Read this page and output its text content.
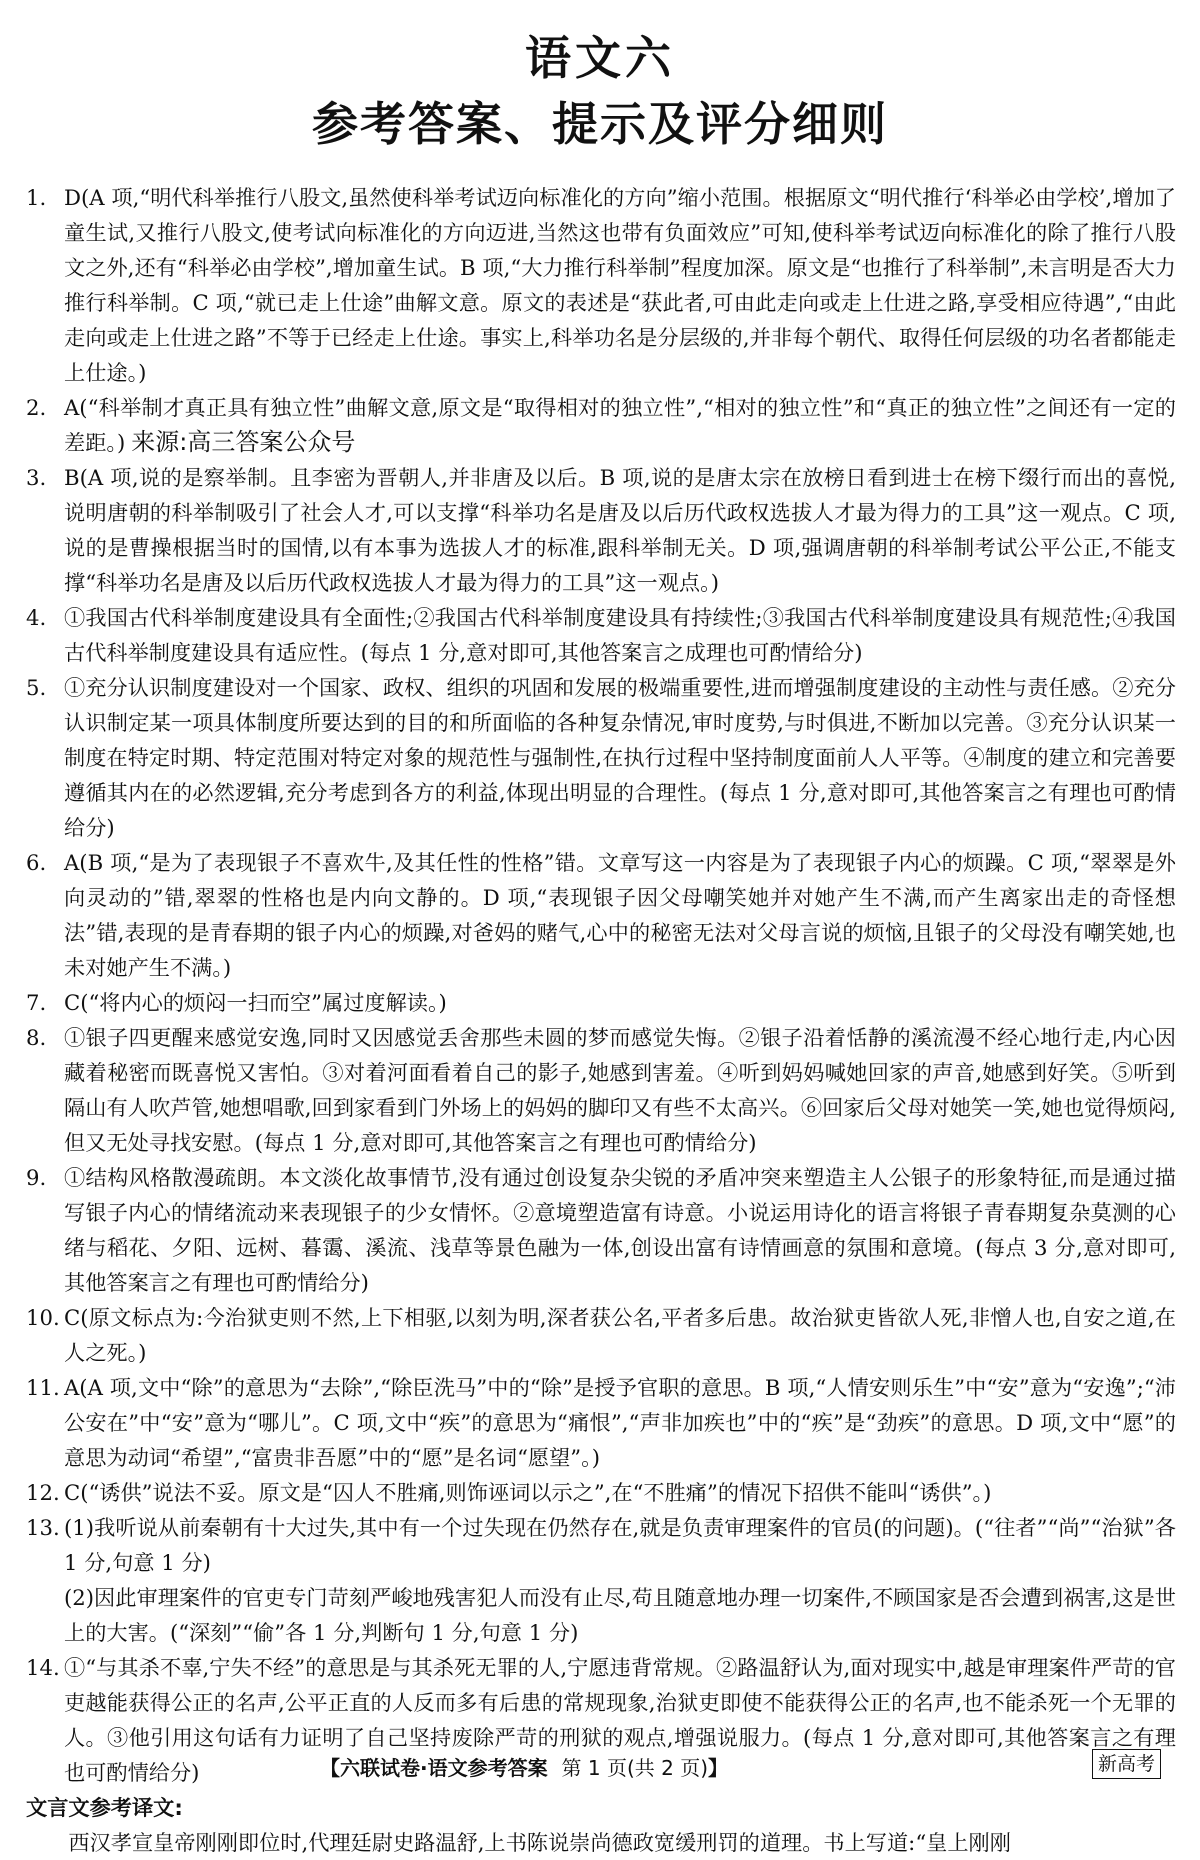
语文六
参考答案、提示及评分细则
1. D(A 项,“明代科举推行八股文,虽然使科举考试迈向标准化的方向”缩小范围。根据原文“明代推行‘科举必由学校’,增加了童生试,又推行八股文,使考试向标准化的方向迈进,当然这也带有负面效应”可知,使科举考试迈向标准化的除了推行八股文之外,还有“科举必由学校”,增加童生试。B 项,“大力推行科举制”程度加深。原文是“也推行了科举制”,未言明是否大力推行科举制。C 项,“就已走上仕途”曲解文意。原文的表述是“获此者,可由此走向或走上仕进之路,享受相应待遇”,“由此走向或走上仕进之路”不等于已经走上仕途。事实上,科举功名是分层级的,并非每个朝代、取得任何层级的功名者都能走上仕途。)

2. A(“科举制才真正具有独立性”曲解文意,原文是“取得相对的独立性”,“相对的独立性”和“真正的独立性”之间还有一定的差距。) 来源:高三答案公众号

3. B(A 项,说的是察举制。且李密为晋朝人,并非唐及以后。B 项,说的是唐太宗在放榜日看到进士在榜下缀行而出的喜悦,说明唐朝的科举制吸引了社会人才,可以支撑“科举功名是唐及以后历代政权选拔人才最为得力的工具”这一观点。C 项,说的是曹操根据当时的国情,以有本事为选拔人才的标准,跟科举制无关。D 项,强调唐朝的科举制考试公平公正,不能支撑“科举功名是唐及以后历代政权选拔人才最为得力的工具”这一观点。)

4. ①我国古代科举制度建设具有全面性;②我国古代科举制度建设具有持续性;③我国古代科举制度建设具有规范性;④我国古代科举制度建设具有适应性。(每点 1 分,意对即可,其他答案言之成理也可酌情给分)

5. ①充分认识制度建设对一个国家、政权、组织的巩固和发展的极端重要性,进而增强制度建设的主动性与责任感。②充分认识制定某一项具体制度所要达到的目的和所面临的各种复杂情况,审时度势,与时俱进,不断加以完善。③充分认识某一制度在特定时期、特定范围对特定对象的规范性与强制性,在执行过程中坚持制度面前人人平等。④制度的建立和完善要遵循其内在的必然逻辑,充分考虑到各方的利益,体现出明显的合理性。(每点 1 分,意对即可,其他答案言之有理也可酌情给分)

6. A(B 项,“是为了表现银子不喜欢牛,及其任性的性格”错。文章写这一内容是为了表现银子内心的烦躁。C 项,“翠翠是外向灵动的”错,翠翠的性格也是内向文静的。D 项,“表现银子因父母嘲笑她并对她产生不满,而产生离家出走的奇怪想法”错,表现的是青春期的银子内心的烦躁,对爸妈的赌气,心中的秘密无法对父母言说的烦恼,且银子的父母没有嘲笑她,也未对她产生不满。)

7. C(“将内心的烦闷一扫而空”属过度解读。)

8. ①银子四更醒来感觉安逸,同时又因感觉丢舍那些未圆的梦而感觉失悔。②银子沿着恬静的溪流漫不经心地行走,内心因藏着秘密而既喜悦又害怕。③对着河面看着自己的影子,她感到害羞。④听到妈妈喊她回家的声音,她感到好笑。⑤听到隔山有人吹芦管,她想唱歌,回到家看到门外场上的妈妈的脚印又有些不太高兴。⑥回家后父母对她笑一笑,她也觉得烦闷,但又无处寻找安慰。(每点 1 分,意对即可,其他答案言之有理也可酌情给分)

9. ①结构风格散漫疏朗。本文淡化故事情节,没有通过创设复杂尖锐的矛盾冲突来塑造主人公银子的形象特征,而是通过描写银子内心的情绪流动来表现银子的少女情怀。②意境塑造富有诗意。小说运用诗化的语言将银子青春期复杂莫测的心绪与稻花、夕阳、远树、暮霭、溪流、浅草等景色融为一体,创设出富有诗情画意的氛围和意境。(每点 3 分,意对即可,其他答案言之有理也可酌情给分)

10. C(原文标点为:今治狱吏则不然,上下相驱,以刻为明,深者获公名,平者多后患。故治狱吏皆欲人死,非憎人也,自安之道,在人之死。)

11. A(A 项,文中“除”的意思为“去除”,“除臣洗马”中的“除”是授予官职的意思。B 项,“人情安则乐生”中“安”意为“安逸”;“沛公安在”中“安”意为“哪儿”。C 项,文中“疾”的意思为“痛恨”,“声非加疾也”中的“疾”是“劲疾”的意思。D 项,文中“愿”的意思为动词“希望”,“富贵非吾愿”中的“愿”是名词“愿望”。)

12. C(“诱供”说法不妥。原文是“囚人不胜痛,则饰诬词以示之”,在“不胜痛”的情况下招供不能叫“诱供”。)

13. (1)我听说从前秦朝有十大过失,其中有一个过失现在仍然存在,就是负责审理案件的官员(的问题)。(“往者”“尚”“治狱”各 1 分,句意 1 分)

(2)因此审理案件的官吏专门苛刻严峻地残害犯人而没有止尽,苟且随意地办理一切案件,不顾国家是否会遭到祸害,这是世上的大害。(“深刻”“偷”各 1 分,判断句 1 分,句意 1 分)

14. ①“与其杀不辜,宁失不经”的意思是与其杀死无罪的人,宁愿违背常规。②路温舒认为,面对现实中,越是审理案件严苛的官吏越能获得公正的名声,公平正直的人反而多有后患的常规现象,治狱吏即使不能获得公正的名声,也不能杀死一个无罪的人。③他引用这句话有力证明了自己坚持废除严苛的刑狱的观点,增强说服力。(每点 1 分,意对即可,其他答案言之有理也可酌情给分)

文言文参考译文:
西汉孝宣皇帝刚刚即位时,代理廷尉史路温舒,上书陈说崇尚德政宽缓刑罚的道理。书上写道:“皇上刚刚
【六联试卷·语文参考答案 第 1 页(共 2 页)】	新高考
